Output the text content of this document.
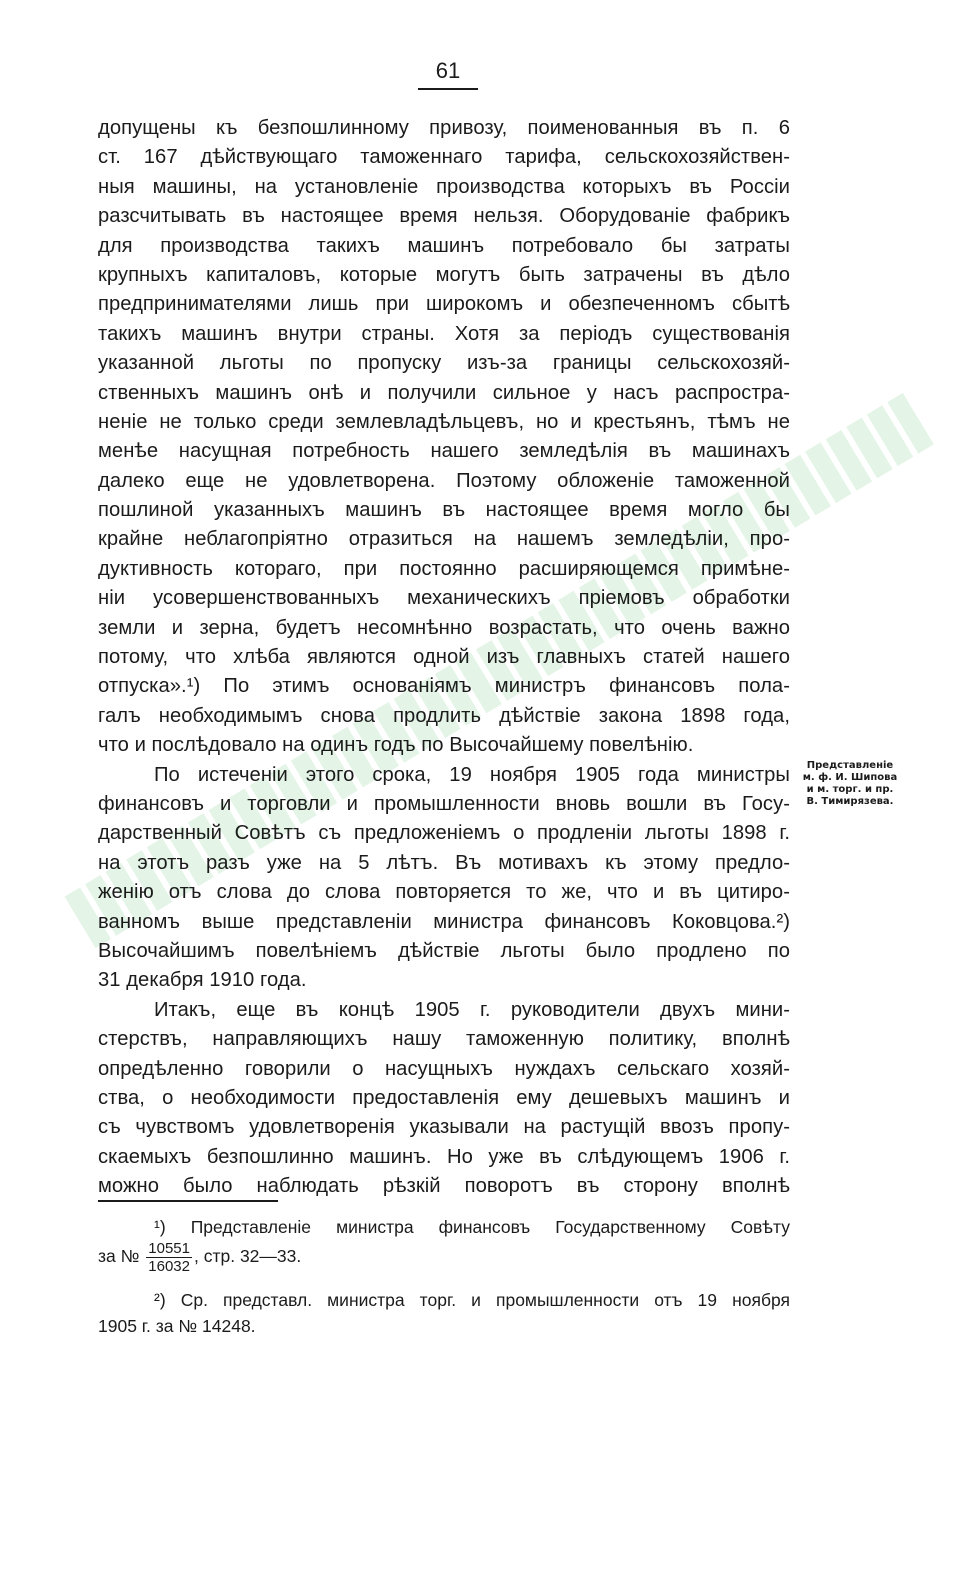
61
допущены къ безпошлинному привозу, поименованныя въ п. 6
ст. 167 дѣйствующаго таможеннаго тарифа, сельскохозяйствен-
ныя машины, на установленіе производства которыхъ въ Россіи
разсчитывать въ настоящее время нельзя. Оборудованіе фабрикъ
для производства такихъ машинъ потребовало бы затраты
крупныхъ капиталовъ, которые могутъ быть затрачены въ дѣло
предпринимателями лишь при широкомъ и обезпеченномъ сбытѣ
такихъ машинъ внутри страны. Хотя за періодъ существованія
указанной льготы по пропуску изъ-за границы сельскохозяй-
ственныхъ машинъ онѣ и получили сильное у насъ распростра-
неніе не только среди землевладѣльцевъ, но и крестьянъ, тѣмъ не
менѣе насущная потребность нашего земледѣлія въ машинахъ
далеко еще не удовлетворена. Поэтому обложеніе таможенной
пошлиной указанныхъ машинъ въ настоящее время могло бы
крайне неблагопріятно отразиться на нашемъ земледѣліи, про-
дуктивность котораго, при постоянно расширяющемся примѣне-
ніи усовершенствованныхъ механическихъ пріемовъ обработки
земли и зерна, будетъ несомнѣнно возрастать, что очень важно
потому, что хлѣба являются одной изъ главныхъ статей нашего
отпуска».¹) По этимъ основаніямъ министръ финансовъ пола-
галъ необходимымъ снова продлить дѣйствіе закона 1898 года,
что и послѣдовало на одинъ годъ по Высочайшему повелѣнію.
По истеченіи этого срока, 19 ноября 1905 года министры
финансовъ и торговли и промышленности вновь вошли въ Госу-
дарственный Совѣтъ съ предложеніемъ о продленіи льготы 1898 г.
на этотъ разъ уже на 5 лѣтъ. Въ мотивахъ къ этому предло-
женію отъ слова до слова повторяется то же, что и въ цитиро-
ванномъ выше представленіи министра финансовъ Коковцова.²)
Высочайшимъ повелѣніемъ дѣйствіе льготы было продлено по
31 декабря 1910 года.
Итакъ, еще въ концѣ 1905 г. руководители двухъ мини-
стерствъ, направляющихъ нашу таможенную политику, вполнѣ
опредѣленно говорили о насущныхъ нуждахъ сельскаго хозяй-
ства, о необходимости предоставленія ему дешевыхъ машинъ и
съ чувствомъ удовлетворенія указывали на растущій ввозъ пропу-
скаемыхъ безпошлинно машинъ. Но уже въ слѣдующемъ 1906 г.
можно было наблюдать рѣзкій поворотъ въ сторону вполнѣ
Представленіе
м. ф. И. Шипова
и м. торг. и пр.
В. Тимирязева.
¹) Представленіе министра финансовъ Государственному Совѣту
за № $\frac{10551}{16032}$ , стр. 32—33.
²) Ср. представл. министра торг. и промышленности отъ 19 ноября
1905 г. за № 14248.
